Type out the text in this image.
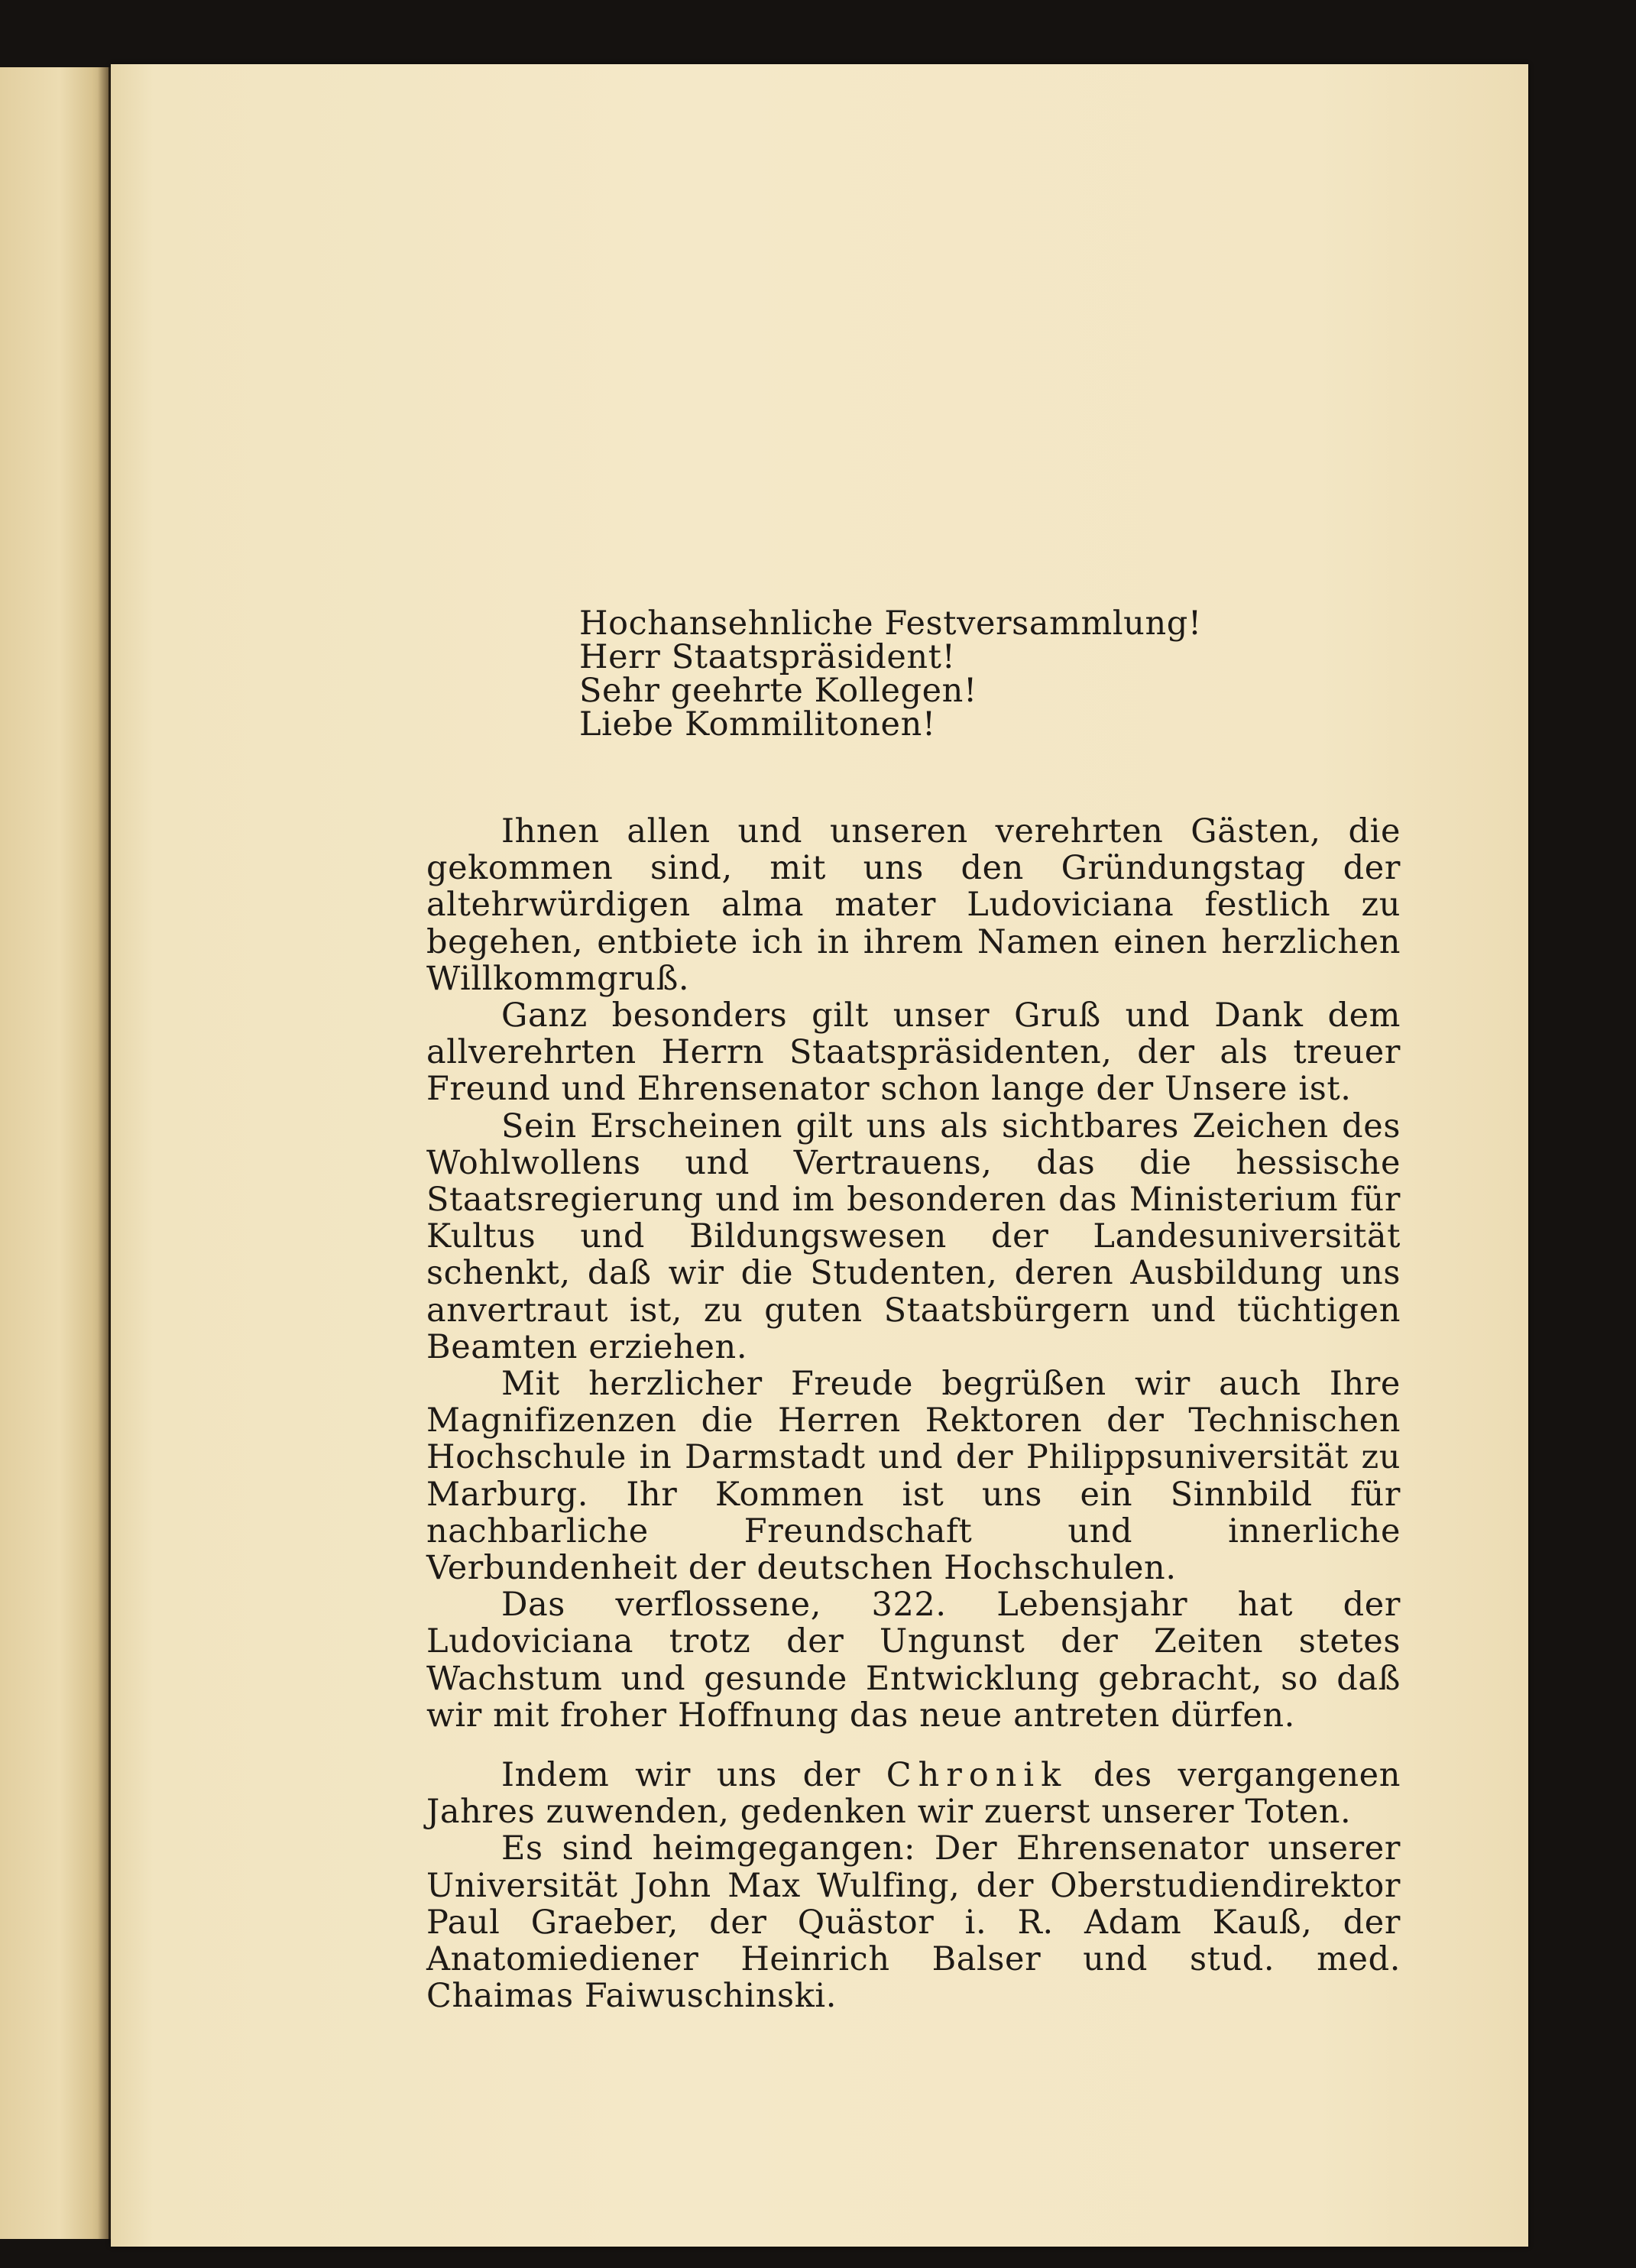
Hochansehnliche Festversammlung!
Herr Staatspräsident!
Sehr geehrte Kollegen!
Liebe Kommilitonen!

Ihnen allen und unseren verehrten Gästen, die gekommen sind, mit uns den Gründungstag der altehrwürdigen alma mater Ludoviciana festlich zu begehen, entbiete ich in ihrem Namen einen herzlichen Willkommgruß.

Ganz besonders gilt unser Gruß und Dank dem allverehrten Herrn Staatspräsidenten, der als treuer Freund und Ehrensenator schon lange der Unsere ist.

Sein Erscheinen gilt uns als sichtbares Zeichen des Wohlwollens und Vertrauens, das die hessische Staatsregierung und im besonderen das Ministerium für Kultus und Bildungswesen der Landesuniversität schenkt, daß wir die Studenten, deren Ausbildung uns anvertraut ist, zu guten Staatsbürgern und tüchtigen Beamten erziehen.

Mit herzlicher Freude begrüßen wir auch Ihre Magnifizenzen die Herren Rektoren der Technischen Hochschule in Darmstadt und der Philippsuniversität zu Marburg. Ihr Kommen ist uns ein Sinnbild für nachbarliche Freundschaft und innerliche Verbundenheit der deutschen Hochschulen.

Das verflossene, 322. Lebensjahr hat der Ludoviciana trotz der Ungunst der Zeiten stetes Wachstum und gesunde Entwicklung gebracht, so daß wir mit froher Hoffnung das neue antreten dürfen.

Indem wir uns der Chronik des vergangenen Jahres zuwenden, gedenken wir zuerst unserer Toten.

Es sind heimgegangen: Der Ehrensenator unserer Universität John Max Wulfing, der Oberstudiendirektor Paul Graeber, der Quästor i. R. Adam Kauß, der Anatomiediener Heinrich Balser und stud. med. Chaimas Faiwuschinski.
